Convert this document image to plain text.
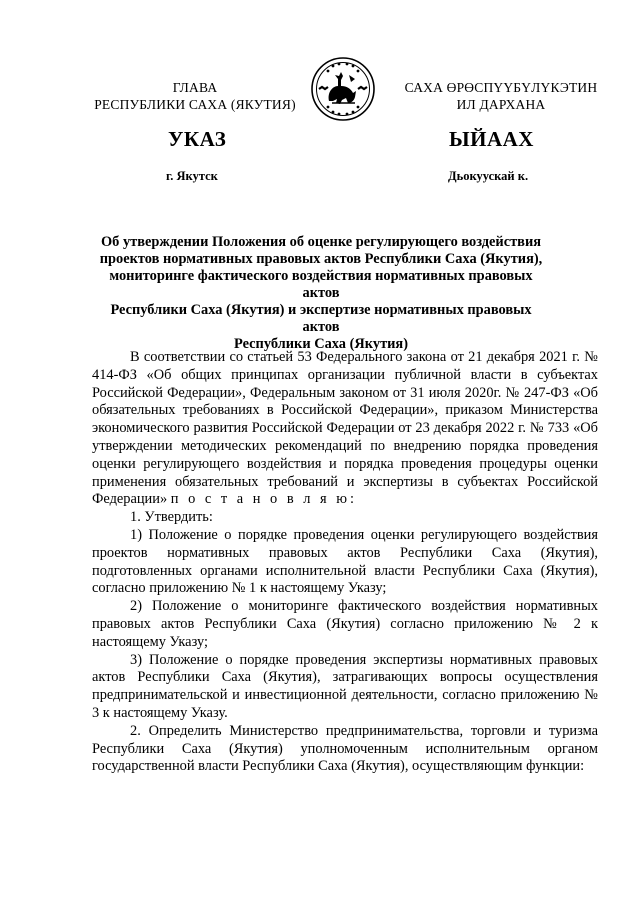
ГЛАВА
РЕСПУБЛИКИ САХА (ЯКУТИЯ)
САХА ӨРӨСПҮҮБҮЛҮКЭТИН
ИЛ ДАРХАНА
УКАЗ	ЫЙААХ
г. Якутск	Дьокуускай к.
Об утверждении Положения об оценке регулирующего воздействия
проектов нормативных правовых актов Республики Саха (Якутия),
мониторинге фактического воздействия нормативных правовых актов
Республики Саха (Якутия) и экспертизе нормативных правовых актов
Республики Саха (Якутия)

В соответствии со статьей 53 Федерального закона от 21 декабря 2021 г. № 414-ФЗ «Об общих принципах организации публичной власти в субъектах Российской Федерации», Федеральным законом от 31 июля 2020г. № 247-ФЗ «Об обязательных требованиях в Российской Федерации», приказом Министерства экономического развития Российской Федерации от 23 декабря 2022 г. № 733 «Об утверждении методических рекомендаций по внедрению порядка проведения оценки регулирующего воздействия и порядка проведения процедуры оценки применения обязательных требований и экспертизы в субъектах Российской Федерации» п о с т а н о в л я ю:

1. Утвердить:

1) Положение о порядке проведения оценки регулирующего воздействия проектов нормативных правовых актов Республики Саха (Якутия), подготовленных органами исполнительной власти Республики Саха (Якутия), согласно приложению № 1 к настоящему Указу;

2) Положение о мониторинге фактического воздействия нормативных правовых актов Республики Саха (Якутия) согласно приложению № 2 к настоящему Указу;

3) Положение о порядке проведения экспертизы нормативных правовых актов Республики Саха (Якутия), затрагивающих вопросы осуществления предпринимательской и инвестиционной деятельности, согласно приложению № 3 к настоящему Указу.

2. Определить Министерство предпринимательства, торговли и туризма Республики Саха (Якутия) уполномоченным исполнительным органом государственной власти Республики Саха (Якутия), осуществляющим функции:
